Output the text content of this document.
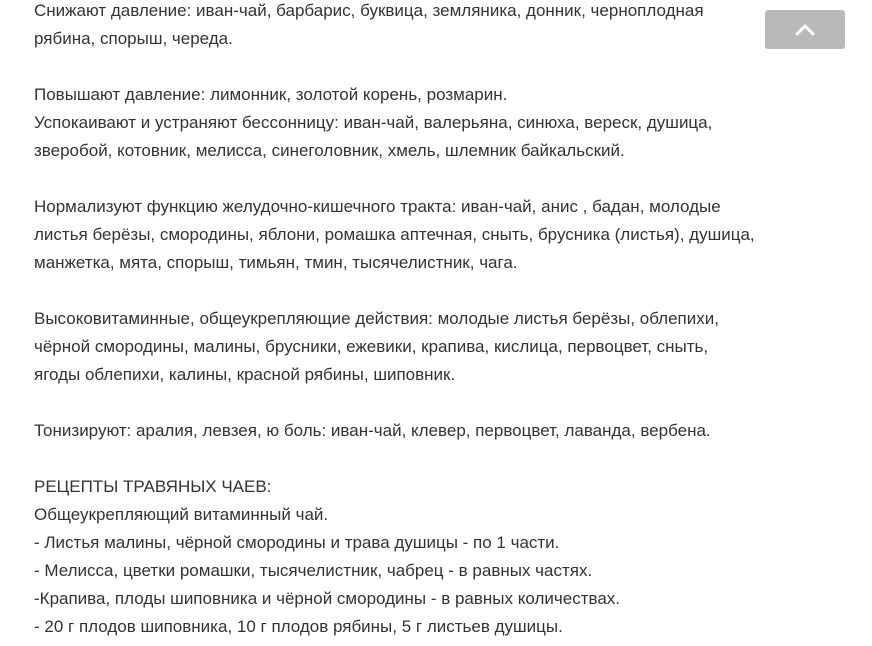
Снижают давление: иван-чай, барбарис, буквица, земляника, донник, черноплодная
рябина, спорыш, череда.
Повышают давление: лимонник, золотой корень, розмарин.
Успокаивают и устраняют бессонницу: иван-чай, валерьяна, синюха, вереск, душица,
зверобой, котовник, мелисса, синеголовник, хмель, шлемник байкальский.
Нормализуют функцию желудочно-кишечного тракта: иван-чай, анис , бадан, молодые
листья берёзы, смородины, яблони, ромашка аптечная, сныть, брусника (листья), душица,
манжетка, мята, спорыш, тимьян, тмин, тысячелистник, чага.
Высоковитаминные, общеукрепляющие действия: молодые листья берёзы, облепихи,
чёрной смородины, малины, брусники, ежевики, крапива, кислица, первоцвет, сныть,
ягоды облепихи, калины, красной рябины, шиповник.
Тонизируют: аралия, левзея, ю боль: иван-чай, клевер, первоцвет, лаванда, вербена.
РЕЦЕПТЫ ТРАВЯНЫХ ЧАЕВ:
Общеукрепляющий витаминный чай.
- Листья малины, чёрной смородины и трава душицы - по 1 части.
- Мелисса, цветки ромашки, тысячелистник, чабрец - в равных частях.
-Крапива, плоды шиповника и чёрной смородины - в равных количествах.
- 20 г плодов шиповника, 10 г плодов рябины, 5 г листьев душицы.
